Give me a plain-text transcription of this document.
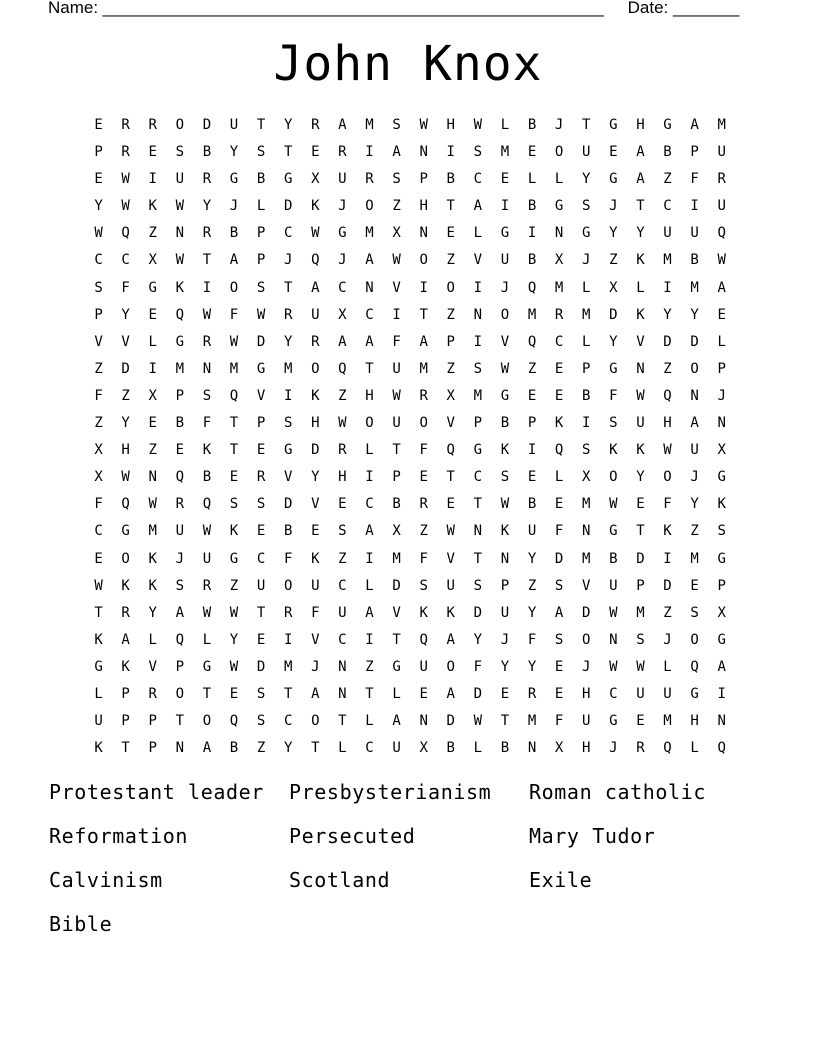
Name: _____________________________________________________ Date: _______
John Knox
E	R	R	O	D	U	T	Y	R	A	M	S	W	H	W	L	B	J	T	G	H	G	A	M
P	R	E	S	B	Y	S	T	E	R	I	A	N	I	S	M	E	O	U	E	A	B	P	U
E	W	I	U	R	G	B	G	X	U	R	S	P	B	C	E	L	L	Y	G	A	Z	F	R
Y	W	K	W	Y	J	L	D	K	J	O	Z	H	T	A	I	B	G	S	J	T	C	I	U
W	Q	Z	N	R	B	P	C	W	G	M	X	N	E	L	G	I	N	G	Y	Y	U	U	Q
C	C	X	W	T	A	P	J	Q	J	A	W	O	Z	V	U	B	X	J	Z	K	M	B	W
S	F	G	K	I	O	S	T	A	C	N	V	I	O	I	J	Q	M	L	X	L	I	M	A
P	Y	E	Q	W	F	W	R	U	X	C	I	T	Z	N	O	M	R	M	D	K	Y	Y	E
V	V	L	G	R	W	D	Y	R	A	A	F	A	P	I	V	Q	C	L	Y	V	D	D	L
Z	D	I	M	N	M	G	M	O	Q	T	U	M	Z	S	W	Z	E	P	G	N	Z	O	P
F	Z	X	P	S	Q	V	I	K	Z	H	W	R	X	M	G	E	E	B	F	W	Q	N	J
Z	Y	E	B	F	T	P	S	H	W	O	U	O	V	P	B	P	K	I	S	U	H	A	N
X	H	Z	E	K	T	E	G	D	R	L	T	F	Q	G	K	I	Q	S	K	K	W	U	X
X	W	N	Q	B	E	R	V	Y	H	I	P	E	T	C	S	E	L	X	O	Y	O	J	G
F	Q	W	R	Q	S	S	D	V	E	C	B	R	E	T	W	B	E	M	W	E	F	Y	K
C	G	M	U	W	K	E	B	E	S	A	X	Z	W	N	K	U	F	N	G	T	K	Z	S
E	O	K	J	U	G	C	F	K	Z	I	M	F	V	T	N	Y	D	M	B	D	I	M	G
W	K	K	S	R	Z	U	O	U	C	L	D	S	U	S	P	Z	S	V	U	P	D	E	P
T	R	Y	A	W	W	T	R	F	U	A	V	K	K	D	U	Y	A	D	W	M	Z	S	X
K	A	L	Q	L	Y	E	I	V	C	I	T	Q	A	Y	J	F	S	O	N	S	J	O	G
G	K	V	P	G	W	D	M	J	N	Z	G	U	O	F	Y	Y	E	J	W	W	L	Q	A
L	P	R	O	T	E	S	T	A	N	T	L	E	A	D	E	R	E	H	C	U	U	G	I
U	P	P	T	O	Q	S	C	O	T	L	A	N	D	W	T	M	F	U	G	E	M	H	N
K	T	P	N	A	B	Z	Y	T	L	C	U	X	B	L	B	N	X	H	J	R	Q	L	Q
Protestant leader	Presbysterianism	Roman catholic
Reformation	Persecuted	Mary Tudor
Calvinism	Scotland	Exile
Bible
